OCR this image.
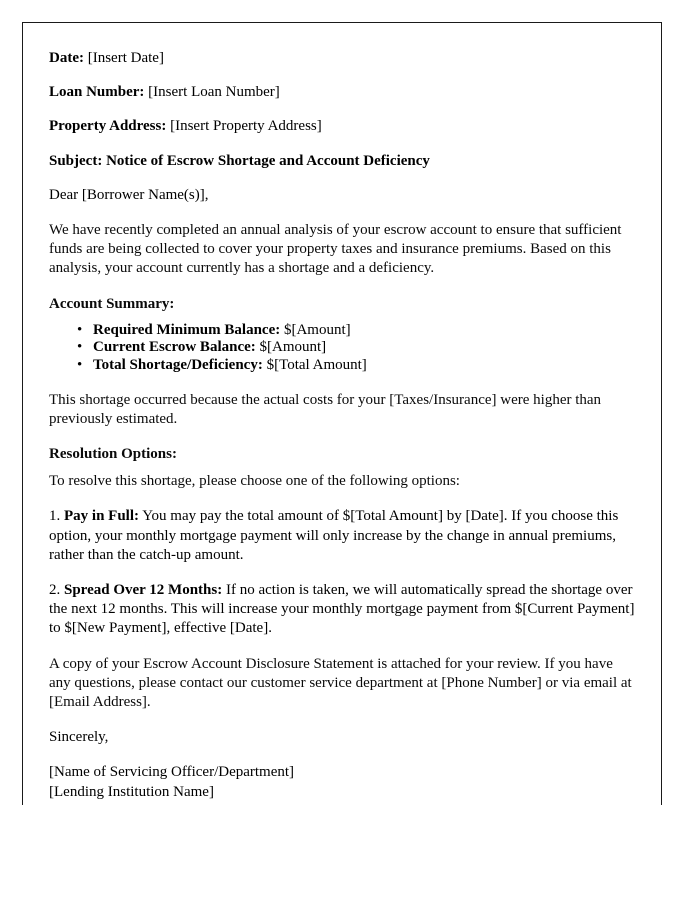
Date: [Insert Date]
Loan Number: [Insert Loan Number]
Property Address: [Insert Property Address]
Subject: Notice of Escrow Shortage and Account Deficiency
Dear [Borrower Name(s)],

We have recently completed an annual analysis of your escrow account to ensure that sufficient funds are being collected to cover your property taxes and insurance premiums. Based on this analysis, your account currently has a shortage and a deficiency.

Account Summary:
• Required Minimum Balance: $[Amount]
• Current Escrow Balance: $[Amount]
• Total Shortage/Deficiency: $[Total Amount]

This shortage occurred because the actual costs for your [Taxes/Insurance] were higher than previously estimated.

Resolution Options:

To resolve this shortage, please choose one of the following options:

1. Pay in Full: You may pay the total amount of $[Total Amount] by [Date]. If you choose this option, your monthly mortgage payment will only increase by the change in annual premiums, rather than the catch-up amount.

2. Spread Over 12 Months: If no action is taken, we will automatically spread the shortage over the next 12 months. This will increase your monthly mortgage payment from $[Current Payment] to $[New Payment], effective [Date].

A copy of your Escrow Account Disclosure Statement is attached for your review. If you have any questions, please contact our customer service department at [Phone Number] or via email at [Email Address].

Sincerely,
[Name of Servicing Officer/Department]
[Lending Institution Name]
